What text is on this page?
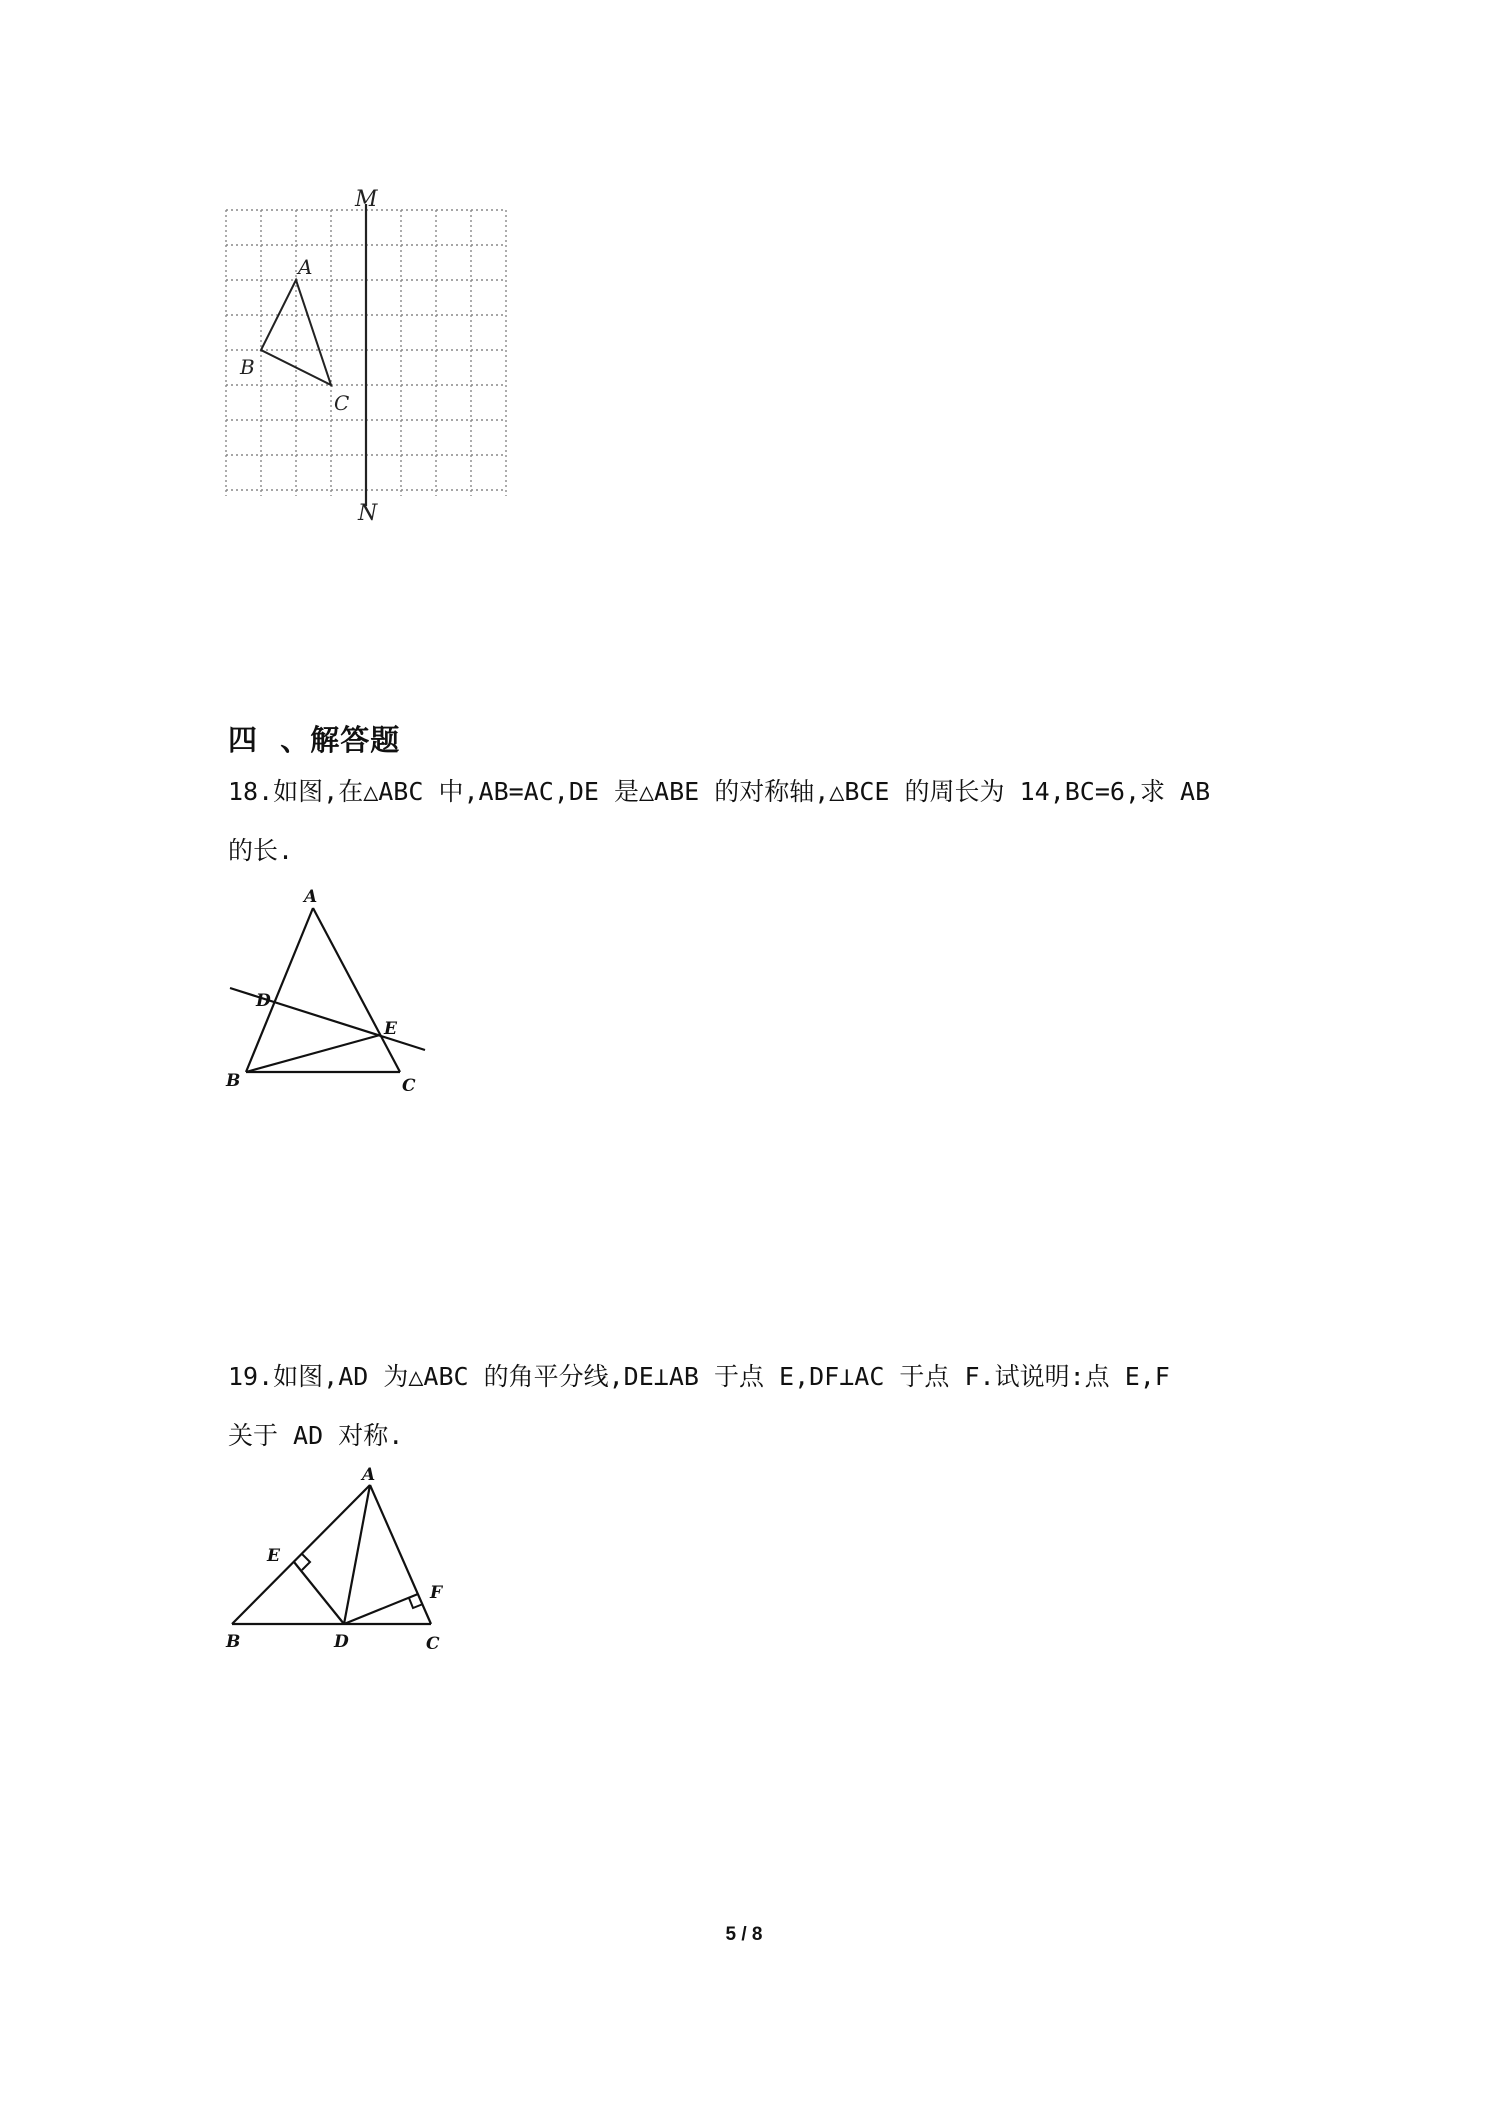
M
N
A
B
C
四  、解答题
18.如图,在△ABC 中,AB=AC,DE 是△ABE 的对称轴,△BCE 的周长为 14,BC=6,求 AB
的长.
A
D
E
B	C
19.如图,AD 为△ABC 的角平分线,DE⊥AB 于点 E,DF⊥AC 于点 F.试说明:点 E,F
关于 AD 对称.
A
E
F
B	D	C
5 / 8
